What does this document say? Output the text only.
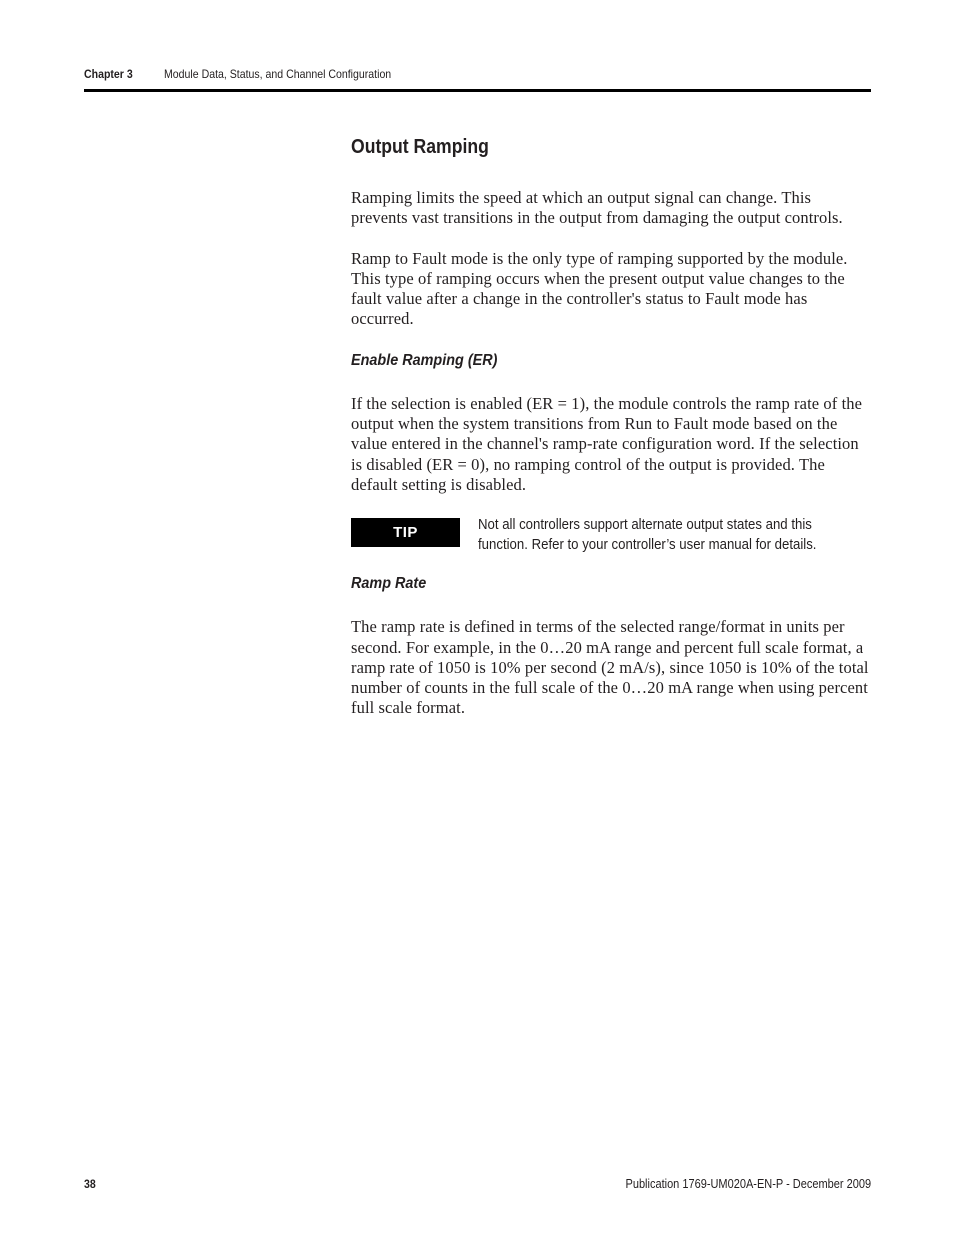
Chapter 3	Module Data, Status, and Channel Configuration
Output Ramping

Ramping limits the speed at which an output signal can change. This prevents vast transitions in the output from damaging the output controls.

Ramp to Fault mode is the only type of ramping supported by the module. This type of ramping occurs when the present output value changes to the fault value after a change in the controller's status to Fault mode has occurred.

Enable Ramping (ER)

If the selection is enabled (ER = 1), the module controls the ramp rate of the output when the system transitions from Run to Fault mode based on the value entered in the channel's ramp-rate configuration word. If the selection is disabled (ER = 0), no ramping control of the output is provided. The default setting is disabled.

TIP	Not all controllers support alternate output states and this function. Refer to your controller’s user manual for details.
Ramp Rate

The ramp rate is defined in terms of the selected range/format in units per second. For example, in the 0…20 mA range and percent full scale format, a ramp rate of 1050 is 10% per second (2 mA/s), since 1050 is 10% of the total number of counts in the full scale of the 0…20 mA range when using percent full scale format.

38	Publication 1769-UM020A-EN-P - December 2009
